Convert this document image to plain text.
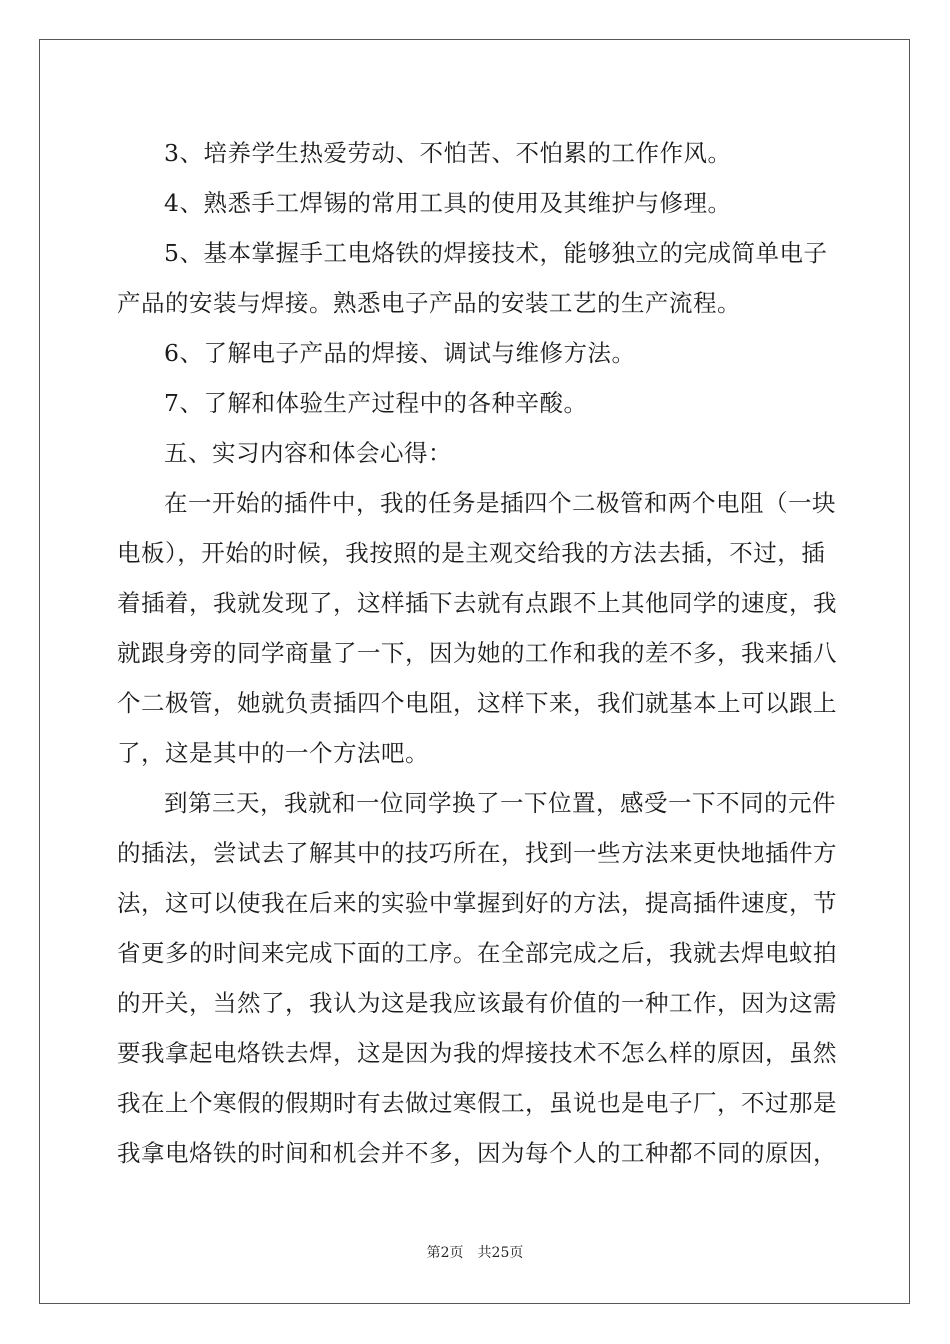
3、培养学生热爱劳动、不怕苦、不怕累的工作作风。
4、熟悉手工焊锡的常用工具的使用及其维护与修理。
5、基本掌握手工电烙铁的焊接技术，能够独立的完成简单电子
产品的安装与焊接。熟悉电子产品的安装工艺的生产流程。
6、了解电子产品的焊接、调试与维修方法。
7、了解和体验生产过程中的各种辛酸。
五、实习内容和体会心得：
在一开始的插件中，我的任务是插四个二极管和两个电阻（一块
电板），开始的时候，我按照的是主观交给我的方法去插，不过，插
着插着，我就发现了，这样插下去就有点跟不上其他同学的速度，我
就跟身旁的同学商量了一下，因为她的工作和我的差不多，我来插八
个二极管，她就负责插四个电阻，这样下来，我们就基本上可以跟上
了，这是其中的一个方法吧。
到第三天，我就和一位同学换了一下位置，感受一下不同的元件
的插法，尝试去了解其中的技巧所在，找到一些方法来更快地插件方
法，这可以使我在后来的实验中掌握到好的方法，提高插件速度，节
省更多的时间来完成下面的工序。在全部完成之后，我就去焊电蚊拍
的开关，当然了，我认为这是我应该最有价值的一种工作，因为这需
要我拿起电烙铁去焊，这是因为我的焊接技术不怎么样的原因，虽然
我在上个寒假的假期时有去做过寒假工，虽说也是电子厂，不过那是
我拿电烙铁的时间和机会并不多，因为每个人的工种都不同的原因，
第2页 共25页
